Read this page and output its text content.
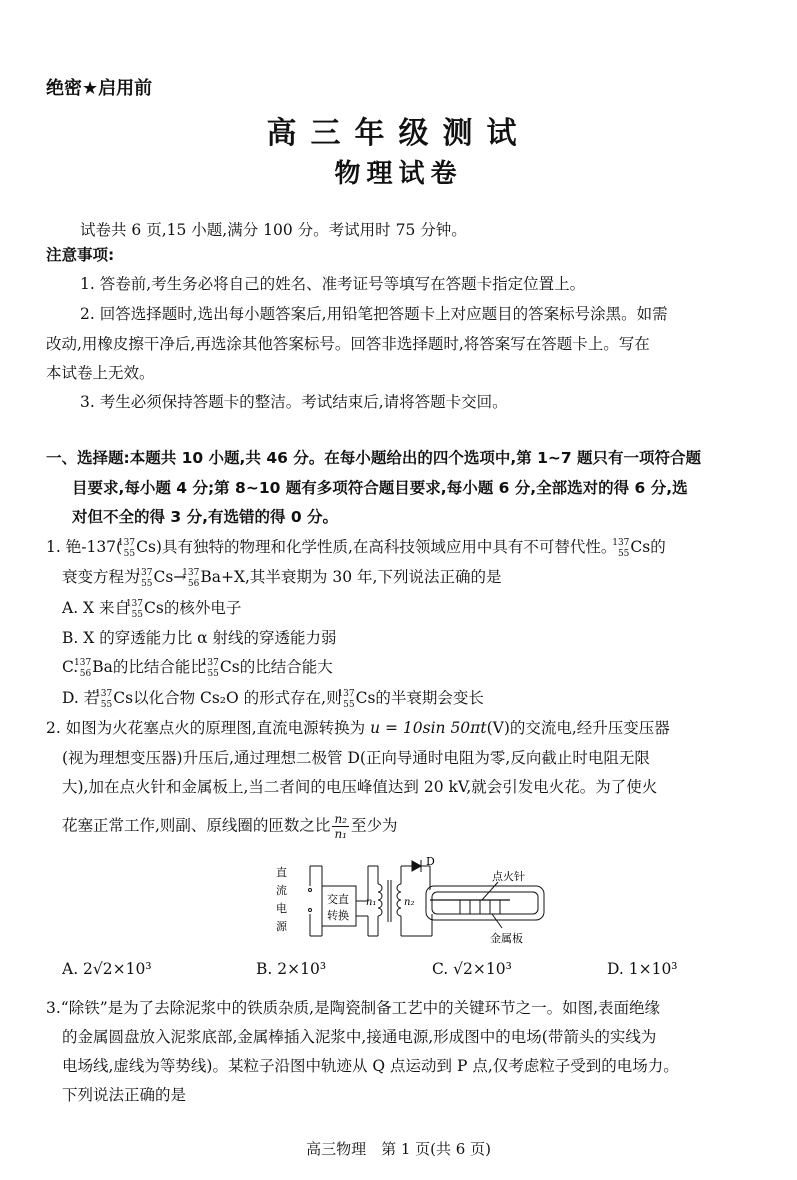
绝密★启用前
高三年级测试
物理试卷
试卷共 6 页,15 小题,满分 100 分。考试用时 75 分钟。
注意事项:
1. 答卷前,考生务必将自己的姓名、准考证号等填写在答题卡指定位置上。
2. 回答选择题时,选出每小题答案后,用铅笔把答题卡上对应题目的答案标号涂黑。如需
改动,用橡皮擦干净后,再选涂其他答案标号。回答非选择题时,将答案写在答题卡上。写在
本试卷上无效。
3. 考生必须保持答题卡的整洁。考试结束后,请将答题卡交回。
一、选择题:本题共 10 小题,共 46 分。在每小题给出的四个选项中,第 1~7 题只有一项符合题
目要求,每小题 4 分;第 8~10 题有多项符合题目要求,每小题 6 分,全部选对的得 6 分,选
对但不全的得 3 分,有选错的得 0 分。
1. 铯-137(
137
55 Cs)具有独特的物理和化学性质,在高科技领域应用中具有不可替代性。
137
55 Cs的
衰变方程为
137
55 Cs→
137
56 Ba+X,其半衰期为 30 年,下列说法正确的是
A. X 来自
137
55 Cs的核外电子
B. X 的穿透能力比 α 射线的穿透能力弱
C.
137
56 Ba的比结合能比
137
55 Cs的比结合能大
D. 若
137
55 Cs以化合物 Cs₂O 的形式存在,则
137
55 Cs的半衰期会变长
2. 如图为火花塞点火的原理图,直流电源转换为 u = 10sin 50πt(V)的交流电,经升压变压器
(视为理想变压器)升压后,通过理想二极管 D(正向导通时电阻为零,反向截止时电阻无限
大),加在点火针和金属板上,当二者间的电压峰值达到 20 kV,就会引发电火花。为了使火
花塞正常工作,则副、原线圈的匝数之比 $\frac{\text{n₂}}{\text{n₁}}$ 至少为
直
流
电
源
交直
转换
n₁	n₂
D
点火针
金属板
A. 2√2×10³	B. 2×10³	C. √2×10³	D. 1×10³
3.“除铁”是为了去除泥浆中的铁质杂质,是陶瓷制备工艺中的关键环节之一。如图,表面绝缘
的金属圆盘放入泥浆底部,金属棒插入泥浆中,接通电源,形成图中的电场(带箭头的实线为
电场线,虚线为等势线)。某粒子沿图中轨迹从 Q 点运动到 P 点,仅考虑粒子受到的电场力。
下列说法正确的是
高三物理　第 1 页(共 6 页)
